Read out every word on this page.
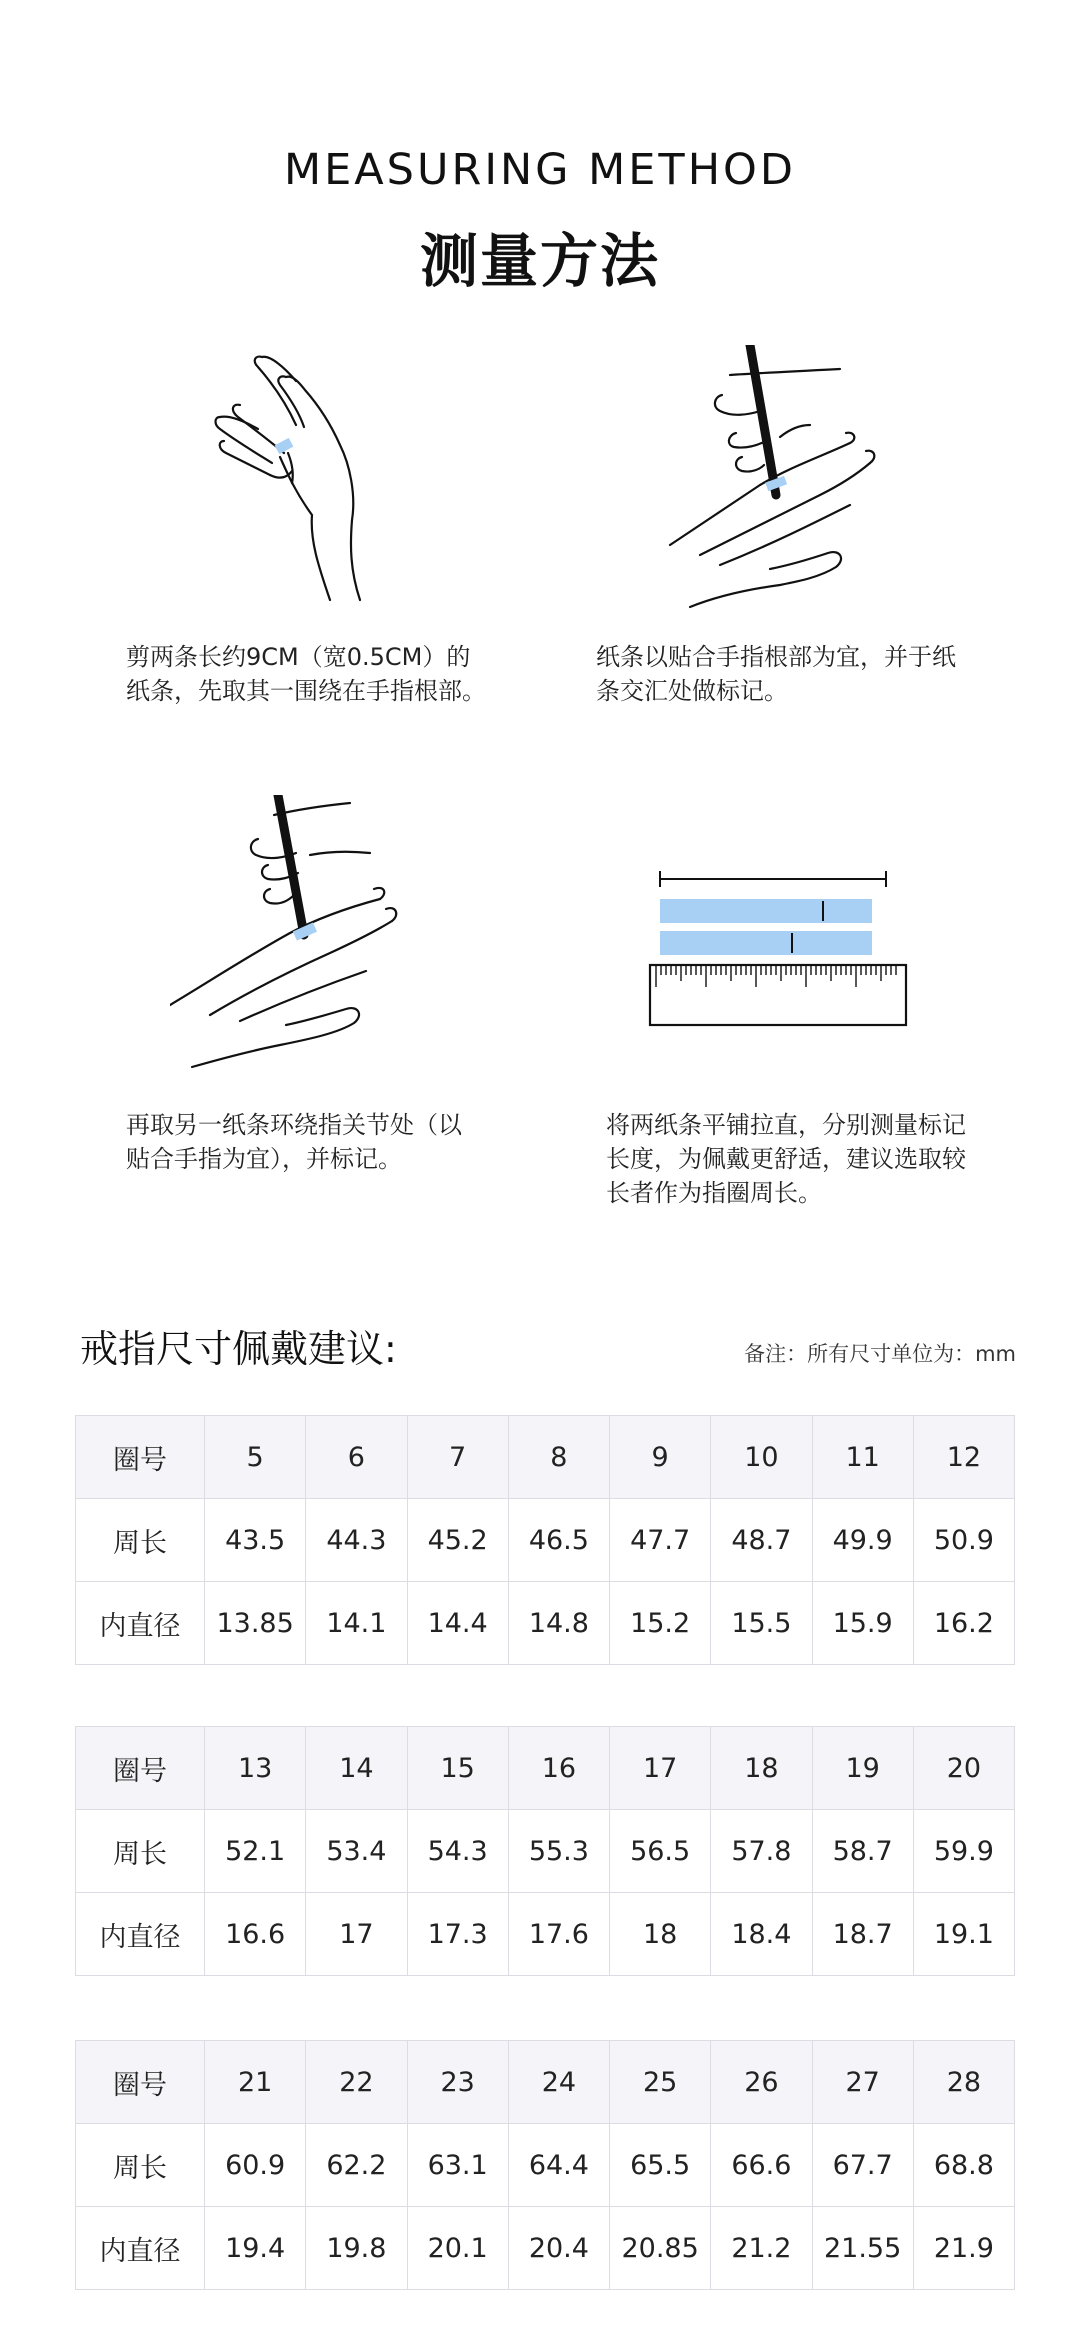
MEASURING METHOD
测量方法
剪两条长约9CM（宽0.5CM）的
纸条，先取其一围绕在手指根部。
纸条以贴合手指根部为宜，并于纸
条交汇处做标记。
再取另一纸条环绕指关节处（以
贴合手指为宜），并标记。
将两纸条平铺拉直，分别测量标记
长度，为佩戴更舒适，建议选取较
长者作为指圈周长。
戒指尺寸佩戴建议:	备注：所有尺寸单位为：mm
圈号	5	6	7	8	9	10	11	12
周长	43.5	44.3	45.2	46.5	47.7	48.7	49.9	50.9
内直径	13.85	14.1	14.4	14.8	15.2	15.5	15.9	16.2
圈号	13	14	15	16	17	18	19	20
周长	52.1	53.4	54.3	55.3	56.5	57.8	58.7	59.9
内直径	16.6	17	17.3	17.6	18	18.4	18.7	19.1
圈号	21	22	23	24	25	26	27	28
周长	60.9	62.2	63.1	64.4	65.5	66.6	67.7	68.8
内直径	19.4	19.8	20.1	20.4	20.85	21.2	21.55	21.9
